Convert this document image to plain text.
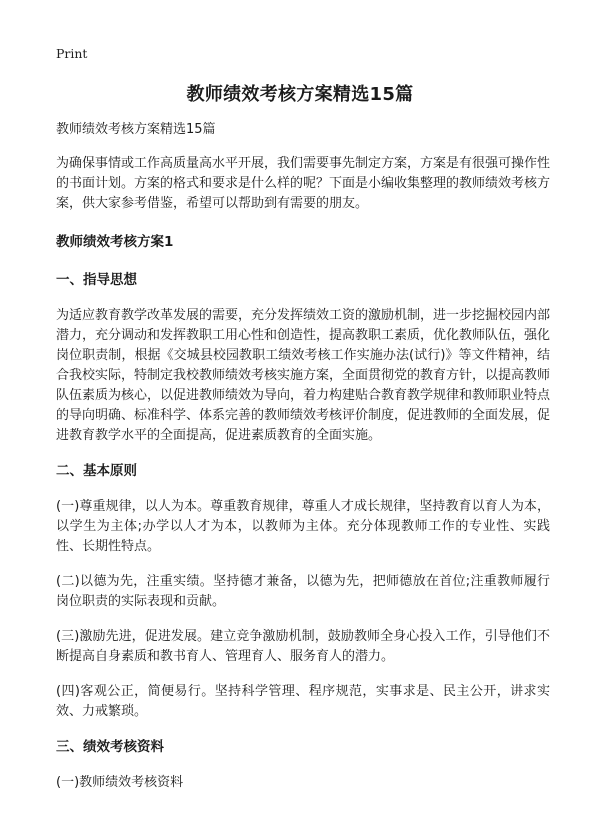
Print
教师绩效考核方案精选15篇

教师绩效考核方案精选15篇

为确保事情或工作高质量高水平开展，我们需要事先制定方案，方案是有很强可操作性的书面计划。方案的格式和要求是什么样的呢？下面是小编收集整理的教师绩效考核方案，供大家参考借鉴，希望可以帮助到有需要的朋友。

教师绩效考核方案1

一、指导思想

为适应教育教学改革发展的需要，充分发挥绩效工资的激励机制，进一步挖掘校园内部潜力，充分调动和发挥教职工用心性和创造性，提高教职工素质，优化教师队伍，强化岗位职责制，根据《交城县校园教职工绩效考核工作实施办法(试行)》等文件精神，结合我校实际，特制定我校教师绩效考核实施方案，全面贯彻党的教育方针，以提高教师队伍素质为核心，以促进教师绩效为导向，着力构建贴合教育教学规律和教师职业特点的导向明确、标准科学、体系完善的教师绩效考核评价制度，促进教师的全面发展，促进教育教学水平的全面提高，促进素质教育的全面实施。

二、基本原则

(一)尊重规律，以人为本。尊重教育规律，尊重人才成长规律，坚持教育以育人为本，以学生为主体;办学以人才为本，以教师为主体。充分体现教师工作的专业性、实践性、长期性特点。

(二)以德为先，注重实绩。坚持德才兼备，以德为先，把师德放在首位;注重教师履行岗位职责的实际表现和贡献。

(三)激励先进，促进发展。建立竞争激励机制，鼓励教师全身心投入工作，引导他们不断提高自身素质和教书育人、管理育人、服务育人的潜力。

(四)客观公正，简便易行。坚持科学管理、程序规范，实事求是、民主公开，讲求实效、力戒繁琐。

三、绩效考核资料

(一)教师绩效考核资料
